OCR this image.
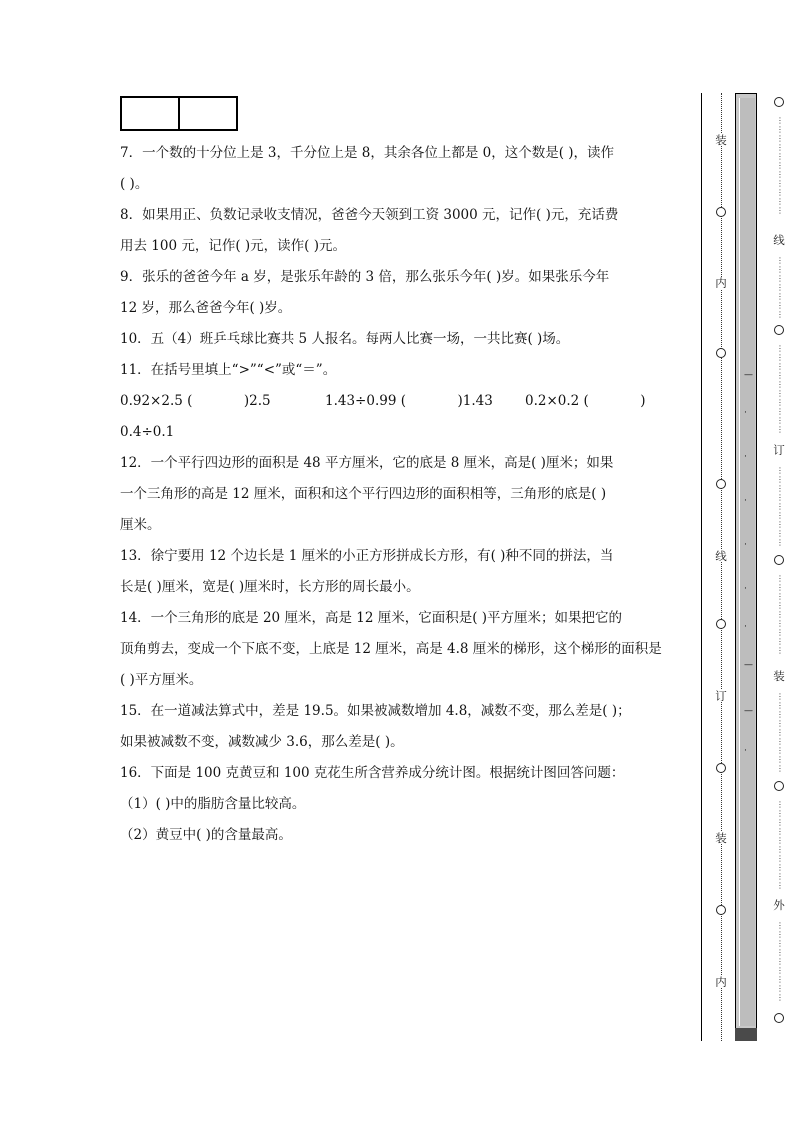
7．一个数的十分位上是 3，千分位上是 8，其余各位上都是 0，这个数是( )，读作
( )。

8．如果用正、负数记录收支情况，爸爸今天领到工资 3000 元，记作( )元，充话费
用去 100 元，记作( )元，读作( )元。

9．张乐的爸爸今年 a 岁，是张乐年龄的 3 倍，那么张乐今年( )岁。如果张乐今年
12 岁，那么爸爸今年( )岁。

10．五（4）班乒乓球比赛共 5 人报名。每两人比赛一场，一共比赛( )场。

11．在括号里填上“>”“<”或“＝”。

0.92×2.5 (            )2.5	1.43÷0.99 (            )1.43	0.2×0.2 (            )

0.4÷0.1

12．一个平行四边形的面积是 48 平方厘米，它的底是 8 厘米，高是( )厘米；如果
一个三角形的高是 12 厘米，面积和这个平行四边形的面积相等，三角形的底是( )
厘米。

13．徐宁要用 12 个边长是 1 厘米的小正方形拼成长方形，有( )种不同的拼法，当
长是( )厘米，宽是( )厘米时，长方形的周长最小。

14．一个三角形的底是 20 厘米，高是 12 厘米，它面积是( )平方厘米；如果把它的
顶角剪去，变成一个下底不变，上底是 12 厘米，高是 4.8 厘米的梯形，这个梯形的面积是
( )平方厘米。

15．在一道减法算式中，差是 19.5。如果被减数增加 4.8，减数不变，那么差是( )；
如果被减数不变，减数减少 3.6，那么差是( )。

16．下面是 100 克黄豆和 100 克花生所含营养成分统计图。根据统计图回答问题：
（1）( )中的脂肪含量比较高。
（2）黄豆中( )的含量最高。

装
内
线
订
装
内
—
·
·
·
·
·
·
—
—
·
⋮
⋮
⋮
⋮
⋮
⋮
⋮
⋮
⋮
⋮
⋮
线
⋮
⋮
⋮
⋮
⋮
⋮
⋮
⋮
⋮
⋮
⋮
⋮
⋮
⋮
⋮
⋮
⋮
订
⋮
⋮
⋮
⋮
⋮
⋮
⋮
⋮
⋮
⋮
⋮
⋮
⋮
⋮
⋮
⋮
⋮
⋮
装
⋮
⋮
⋮
⋮
⋮
⋮
⋮
⋮
⋮
⋮
⋮
⋮
⋮
⋮
⋮
⋮
⋮
⋮
⋮
外
⋮
⋮
⋮
⋮
⋮
⋮
⋮
⋮
⋮
